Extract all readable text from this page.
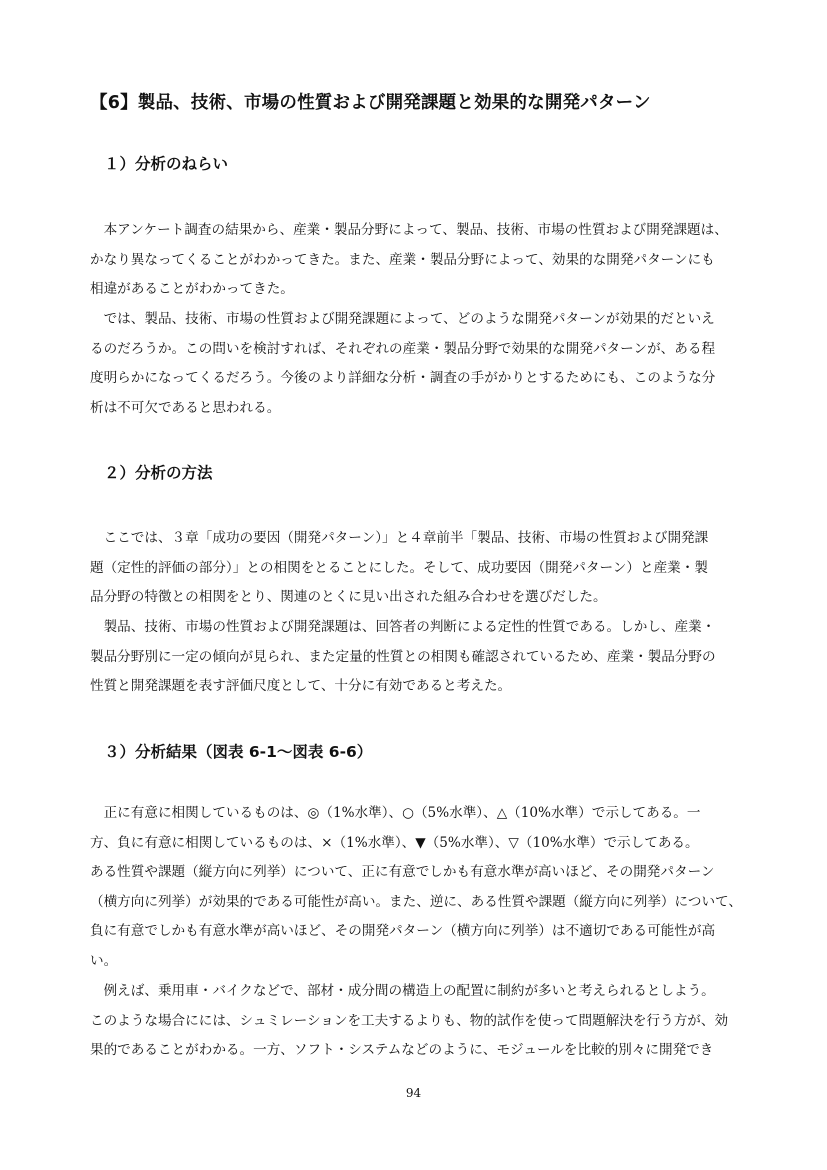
【6】製品、技術、市場の性質および開発課題と効果的な開発パターン
１）分析のねらい

　本アンケート調査の結果から、産業・製品分野によって、製品、技術、市場の性質および開発課題は、
かなり異なってくることがわかってきた。また、産業・製品分野によって、効果的な開発パターンにも
相違があることがわかってきた。

　では、製品、技術、市場の性質および開発課題によって、どのような開発パターンが効果的だといえ
るのだろうか。この問いを検討すれば、それぞれの産業・製品分野で効果的な開発パターンが、ある程
度明らかになってくるだろう。今後のより詳細な分析・調査の手がかりとするためにも、このような分
析は不可欠であると思われる。

２）分析の方法

　ここでは、３章「成功の要因（開発パターン）」と４章前半「製品、技術、市場の性質および開発課
題（定性的評価の部分）」との相関をとることにした。そして、成功要因（開発パターン）と産業・製
品分野の特徴との相関をとり、関連のとくに見い出された組み合わせを選びだした。

　製品、技術、市場の性質および開発課題は、回答者の判断による定性的性質である。しかし、産業・
製品分野別に一定の傾向が見られ、また定量的性質との相関も確認されているため、産業・製品分野の
性質と開発課題を表す評価尺度として、十分に有効であると考えた。

３）分析結果（図表 6-1～図表 6-6）

　正に有意に相関しているものは、◎（1%水準）、○（5%水準）、△（10%水準）で示してある。一
方、負に有意に相関しているものは、×（1%水準）、▼（5%水準）、▽（10%水準）で示してある。
ある性質や課題（縦方向に列挙）について、正に有意でしかも有意水準が高いほど、その開発パターン
（横方向に列挙）が効果的である可能性が高い。また、逆に、ある性質や課題（縦方向に列挙）について、
負に有意でしかも有意水準が高いほど、その開発パターン（横方向に列挙）は不適切である可能性が高
い。

　例えば、乗用車・バイクなどで、部材・成分間の構造上の配置に制約が多いと考えられるとしよう。
このような場合にには、シュミレーションを工夫するよりも、物的試作を使って問題解決を行う方が、効
果的であることがわかる。一方、ソフト・システムなどのように、モジュールを比較的別々に開発でき

94
